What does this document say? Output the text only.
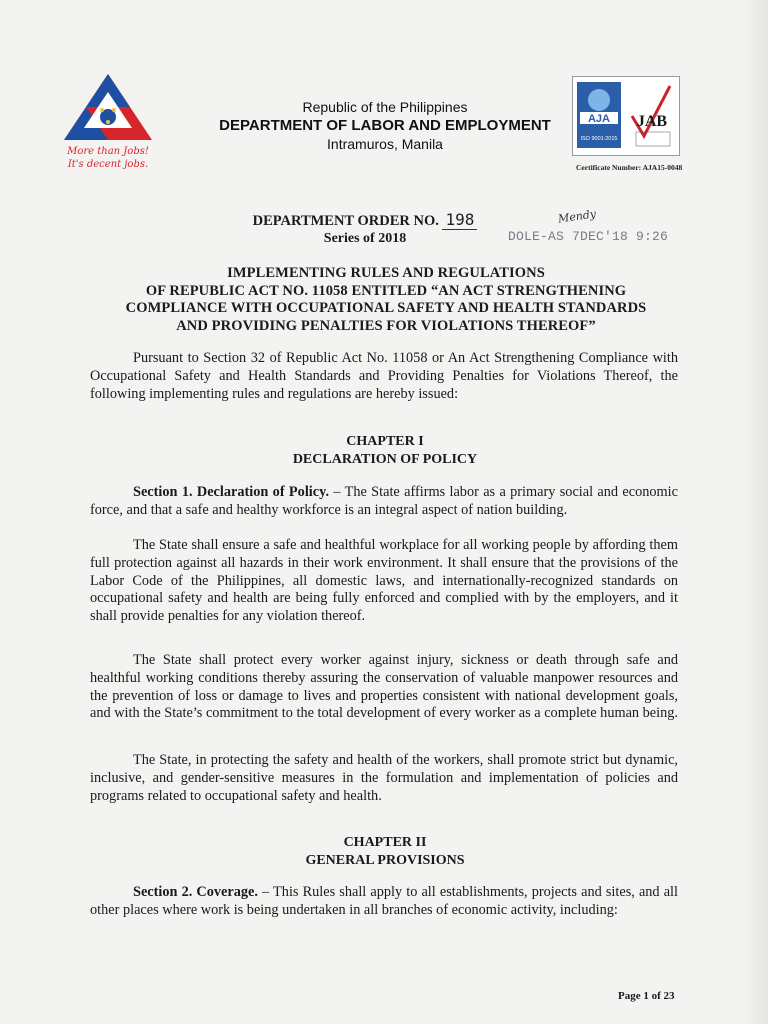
More than Jobs!
It's decent jobs.
Republic of the Philippines
DEPARTMENT OF LABOR AND EMPLOYMENT
Intramuros, Manila
AJA
ISO 9001:2015
JAB
Certificate Number: AJA15-0048
DEPARTMENT ORDER NO. 198
Series of 2018
Mendy
DOLE-AS 7DEC'18 9:26
IMPLEMENTING RULES AND REGULATIONS
OF REPUBLIC ACT NO. 11058 ENTITLED “AN ACT STRENGTHENING
COMPLIANCE WITH OCCUPATIONAL SAFETY AND HEALTH STANDARDS
AND PROVIDING PENALTIES FOR VIOLATIONS THEREOF”
Pursuant to Section 32 of Republic Act No. 11058 or An Act Strengthening Compliance with Occupational Safety and Health Standards and Providing Penalties for Violations Thereof, the following implementing rules and regulations are hereby issued:
CHAPTER I
DECLARATION OF POLICY
Section 1. Declaration of Policy. – The State affirms labor as a primary social and economic force, and that a safe and healthy workforce is an integral aspect of nation building.
The State shall ensure a safe and healthful workplace for all working people by affording them full protection against all hazards in their work environment. It shall ensure that the provisions of the Labor Code of the Philippines, all domestic laws, and internationally-recognized standards on occupational safety and health are being fully enforced and complied with by the employers, and it shall provide penalties for any violation thereof.
The State shall protect every worker against injury, sickness or death through safe and healthful working conditions thereby assuring the conservation of valuable manpower resources and the prevention of loss or damage to lives and properties consistent with national development goals, and with the State’s commitment to the total development of every worker as a complete human being.
The State, in protecting the safety and health of the workers, shall promote strict but dynamic, inclusive, and gender-sensitive measures in the formulation and implementation of policies and programs related to occupational safety and health.
CHAPTER II
GENERAL PROVISIONS
Section 2. Coverage. – This Rules shall apply to all establishments, projects and sites, and all other places where work is being undertaken in all branches of economic activity, including:
Page 1 of 23
